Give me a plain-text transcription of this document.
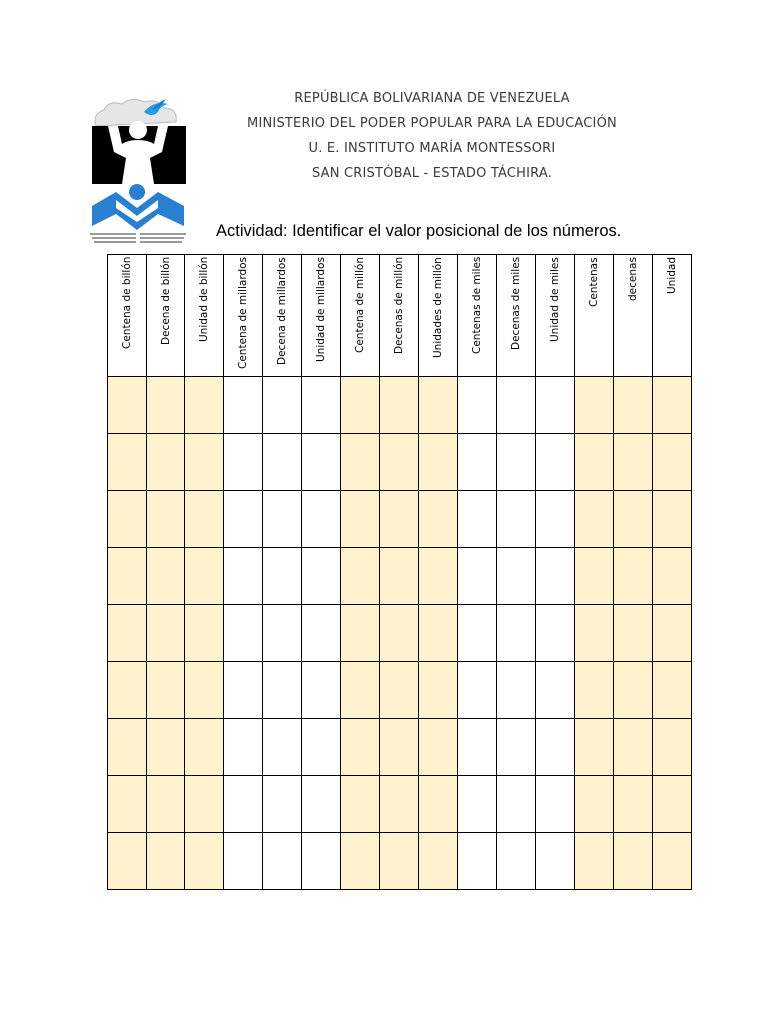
REPÚBLICA BOLIVARIANA DE VENEZUELA
MINISTERIO DEL PODER POPULAR PARA LA EDUCACIÓN
U. E. INSTITUTO MARÍA MONTESSORI
SAN CRISTÓBAL - ESTADO TÁCHIRA.
Actividad: Identificar el valor posicional de los números.
Centena de billón	Decena de billón	Unidad de billón	Centena de millardos	Decena de millardos	Unidad de millardos	Centena de millón	Decenas de millón	Unidades de millón	Centenas de miles	Decenas de miles	Unidad de miles	Centenas	decenas	Unidad
